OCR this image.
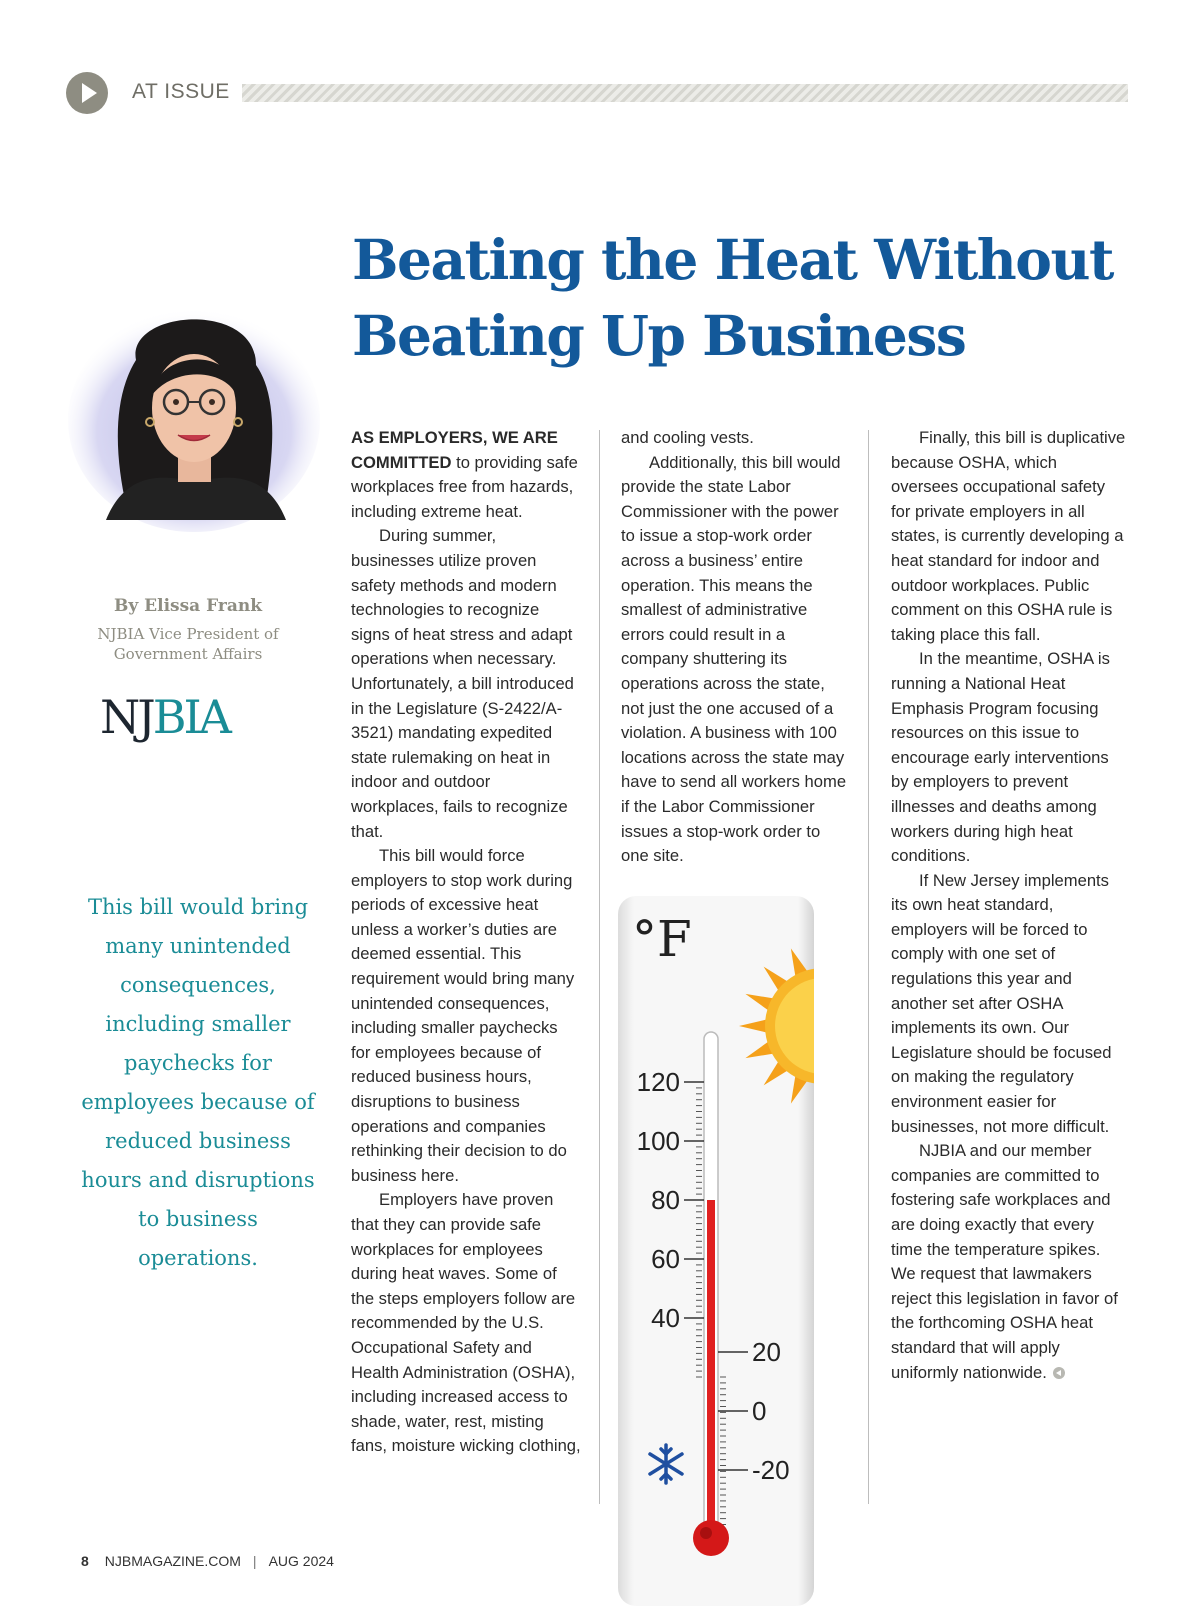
AT ISSUE
Beating the Heat Without
Beating Up Business
By Elissa Frank
NJBIA Vice President of
Government Affairs
NJBIA

This bill would bring many unintended consequences, including smaller paychecks for employees because of reduced business hours and disruptions to business operations.

AS EMPLOYERS, WE ARE COMMITTED to providing safe workplaces free from hazards, including extreme heat.

During summer, businesses utilize proven safety methods and modern technologies to recognize signs of heat stress and adapt operations when necessary. Unfortunately, a bill introduced in the Legislature (S-2422/A-3521) mandating expedited state rulemaking on heat in indoor and outdoor workplaces, fails to recognize that.

This bill would force employers to stop work during periods of excessive heat unless a worker’s duties are deemed essential. This requirement would bring many unintended consequences, including smaller paychecks for employees because of reduced business hours, disruptions to business operations and companies rethinking their decision to do business here.

Employers have proven that they can provide safe workplaces for employees during heat waves. Some of the steps employers follow are recommended by the U.S. Occupational Safety and Health Administration (OSHA), including increased access to shade, water, rest, misting fans, moisture wicking clothing,

and cooling vests.

Additionally, this bill would provide the state Labor Commissioner with the power to issue a stop-work order across a business’ entire operation. This means the smallest of administrative errors could result in a company shuttering its operations across the state, not just the one accused of a violation. A business with 100 locations across the state may have to send all workers home if the Labor Commissioner issues a stop-work order to one site.

Finally, this bill is duplicative because OSHA, which oversees occupational safety for private employers in all states, is currently developing a heat standard for indoor and outdoor workplaces. Public comment on this OSHA rule is taking place this fall.

In the meantime, OSHA is running a National Heat Emphasis Program focusing resources on this issue to encourage early interventions by employers to prevent illnesses and deaths among workers during high heat conditions.

If New Jersey implements its own heat standard, employers will be forced to comply with one set of regulations this year and another set after OSHA implements its own. Our Legislature should be focused on making the regulatory environment easier for businesses, not more difficult.

NJBIA and our member companies are committed to fostering safe workplaces and are doing exactly that every time the temperature spikes. We request that lawmakers reject this legislation in favor of the forthcoming OSHA heat standard that will apply uniformly nationwide.

°F
120
100
80
60
40
20
0
-20
8 NJBMAGAZINE.COM | AUG 2024
